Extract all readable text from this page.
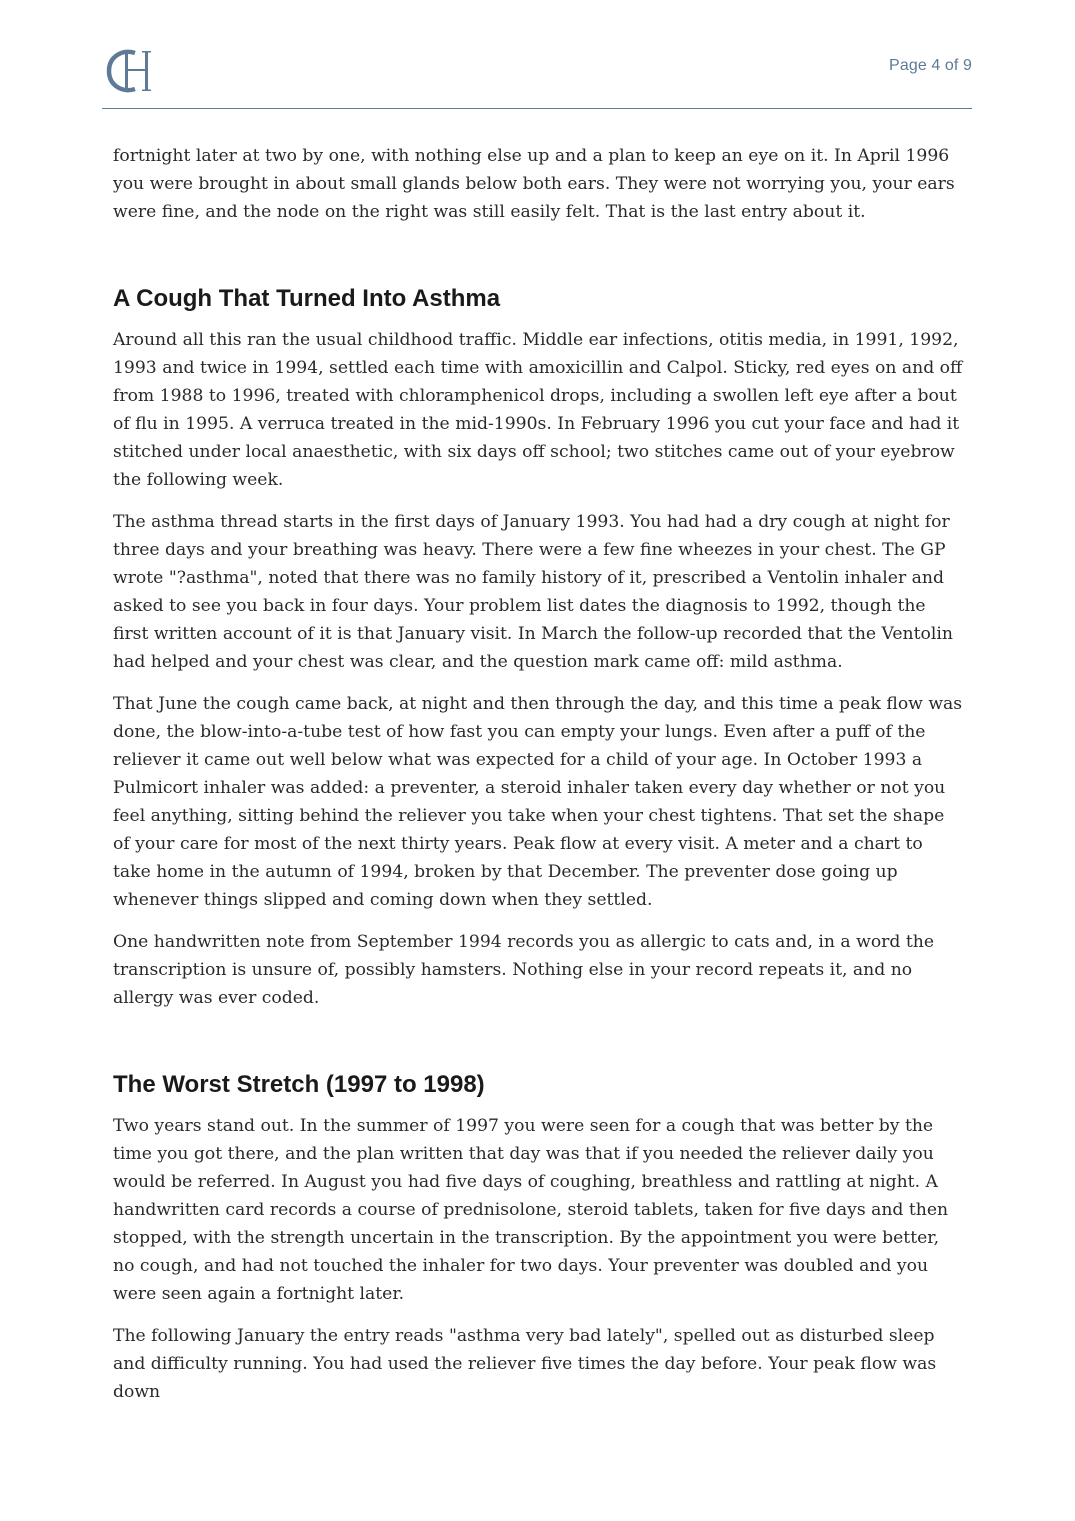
Page 4 of 9

fortnight later at two by one, with nothing else up and a plan to keep an eye on it. In April 1996 you were brought in about small glands below both ears. They were not worrying you, your ears were fine, and the node on the right was still easily felt. That is the last entry about it.

A Cough That Turned Into Asthma

Around all this ran the usual childhood traffic. Middle ear infections, otitis media, in 1991, 1992, 1993 and twice in 1994, settled each time with amoxicillin and Calpol. Sticky, red eyes on and off from 1988 to 1996, treated with chloramphenicol drops, including a swollen left eye after a bout of flu in 1995. A verruca treated in the mid-1990s. In February 1996 you cut your face and had it stitched under local anaesthetic, with six days off school; two stitches came out of your eyebrow the following week.

The asthma thread starts in the first days of January 1993. You had had a dry cough at night for three days and your breathing was heavy. There were a few fine wheezes in your chest. The GP wrote "?asthma", noted that there was no family history of it, prescribed a Ventolin inhaler and asked to see you back in four days. Your problem list dates the diagnosis to 1992, though the first written account of it is that January visit. In March the follow-up recorded that the Ventolin had helped and your chest was clear, and the question mark came off: mild asthma.

That June the cough came back, at night and then through the day, and this time a peak flow was done, the blow-into-a-tube test of how fast you can empty your lungs. Even after a puff of the reliever it came out well below what was expected for a child of your age. In October 1993 a Pulmicort inhaler was added: a preventer, a steroid inhaler taken every day whether or not you feel anything, sitting behind the reliever you take when your chest tightens. That set the shape of your care for most of the next thirty years. Peak flow at every visit. A meter and a chart to take home in the autumn of 1994, broken by that December. The preventer dose going up whenever things slipped and coming down when they settled.

One handwritten note from September 1994 records you as allergic to cats and, in a word the transcription is unsure of, possibly hamsters. Nothing else in your record repeats it, and no allergy was ever coded.

The Worst Stretch (1997 to 1998)

Two years stand out. In the summer of 1997 you were seen for a cough that was better by the time you got there, and the plan written that day was that if you needed the reliever daily you would be referred. In August you had five days of coughing, breathless and rattling at night. A handwritten card records a course of prednisolone, steroid tablets, taken for five days and then stopped, with the strength uncertain in the transcription. By the appointment you were better, no cough, and had not touched the inhaler for two days. Your preventer was doubled and you were seen again a fortnight later.

The following January the entry reads "asthma very bad lately", spelled out as disturbed sleep and difficulty running. You had used the reliever five times the day before. Your peak flow was down
